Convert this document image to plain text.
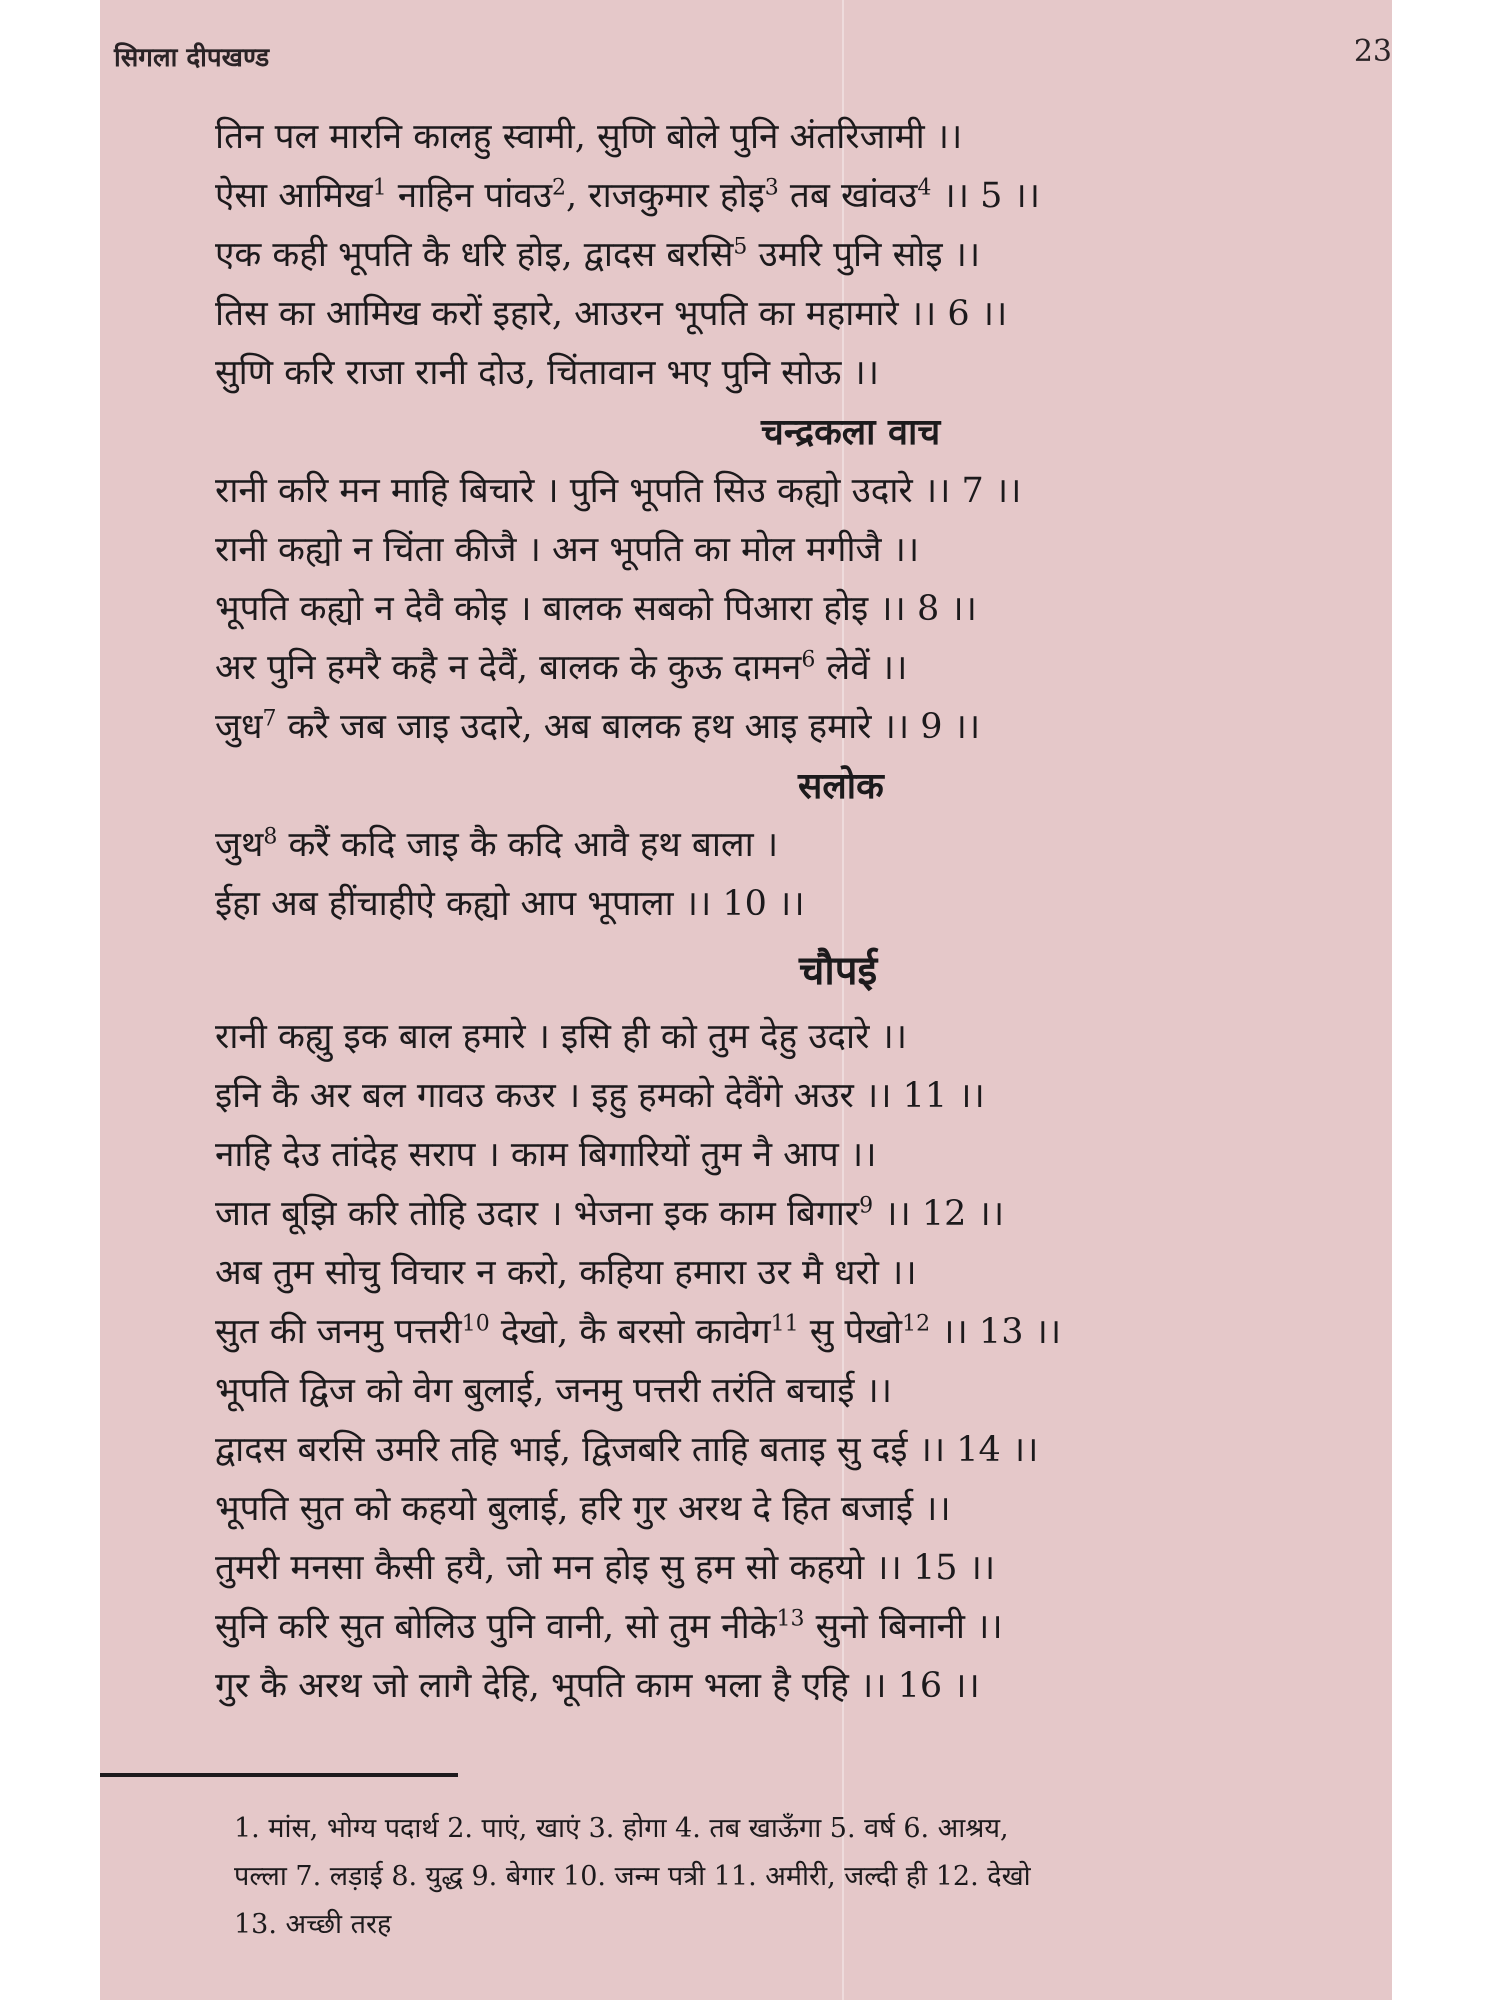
सिगला दीपखण्ड	23
तिन पल मारनि कालहु स्वामी, सुणि बोले पुनि अंतरिजामी ।।
ऐसा आमिख$^1$ नाहिन पांवउ$^2$, राजकुमार होइ$^3$ तब खांवउ$^4$ ।। 5 ।।
एक कही भूपति कै धरि होइ, द्वादस बरसि$^5$ उमरि पुनि सोइ ।।
तिस का आमिख करों इहारे, आउरन भूपति का महामारे ।। 6 ।।
सुणि करि राजा रानी दोउ, चिंतावान भए पुनि सोऊ ।।
चन्द्रकला वाच
रानी करि मन माहि बिचारे । पुनि भूपति सिउ कह्यो उदारे ।। 7 ।।
रानी कह्यो न चिंता कीजै । अन भूपति का मोल मगीजै ।।
भूपति कह्यो न देवै कोइ । बालक सबको पिआरा होइ ।। 8 ।।
अर पुनि हमरै कहै न देवैं, बालक के कुऊ दामन$^6$ लेवें ।।
जुध$^7$ करै जब जाइ उदारे, अब बालक हथ आइ हमारे ।। 9 ।।
सलोक
जुथ$^8$ करैं कदि जाइ कै कदि आवै हथ बाला ।
ईहा अब हींचाहीऐ कह्यो आप भूपाला ।। 10 ।।
चौपई
रानी कह्यु इक बाल हमारे । इसि ही को तुम देहु उदारे ।।
इनि कै अर बल गावउ कउर । इहु हमको देवैंगे अउर ।। 11 ।।
नाहि देउ तांदेह सराप । काम बिगारियों तुम नै आप ।।
जात बूझि करि तोहि उदार । भेजना इक काम बिगार$^9$ ।। 12 ।।
अब तुम सोचु विचार न करो, कहिया हमारा उर मै धरो ।।
सुत की जनमु पत्तरी$^{10}$ देखो, कै बरसो कावेग$^{11}$ सु पेखो$^{12}$ ।। 13 ।।
भूपति द्विज को वेग बुलाई, जनमु पत्तरी तरंति बचाई ।।
द्वादस बरसि उमरि तहि भाई, द्विजबरि ताहि बताइ सु दई ।। 14 ।।
भूपति सुत को कहयो बुलाई, हरि गुर अरथ दे हित बजाई ।।
तुमरी मनसा कैसी हयै, जो मन होइ सु हम सो कहयो ।। 15 ।।
सुनि करि सुत बोलिउ पुनि वानी, सो तुम नीके$^{13}$ सुनो बिनानी ।।
गुर कै अरथ जो लागै देहि, भूपति काम भला है एहि ।। 16 ।।
1. मांस, भोग्य पदार्थ 2. पाएं, खाएं 3. होगा 4. तब खाऊँगा 5. वर्ष 6. आश्रय,
पल्ला 7. लड़ाई 8. युद्ध 9. बेगार 10. जन्म पत्री 11. अमीरी, जल्दी ही 12. देखो
13. अच्छी तरह
